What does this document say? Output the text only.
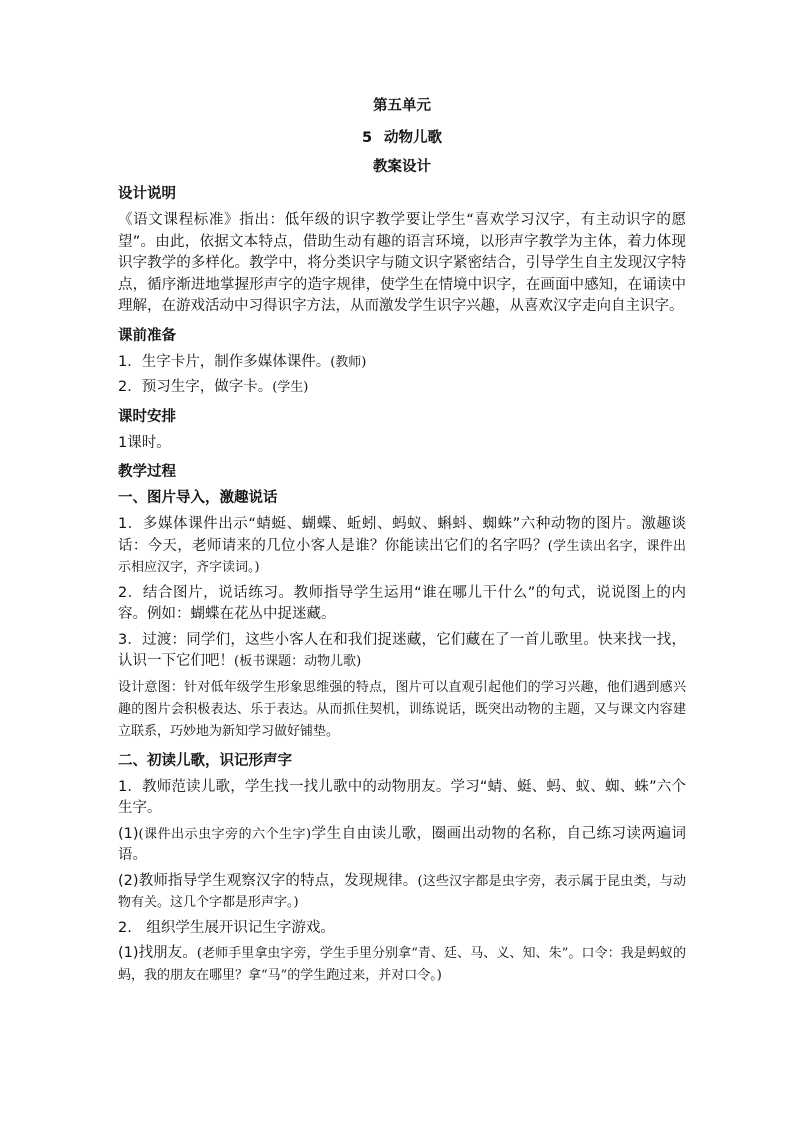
第五单元
5 动物儿歌
教案设计
设计说明
《语文课程标准》指出：低年级的识字教学要让学生“喜欢学习汉字，有主动识字的愿望”。由此，依据文本特点，借助生动有趣的语言环境，以形声字教学为主体，着力体现识字教学的多样化。教学中，将分类识字与随文识字紧密结合，引导学生自主发现汉字特点，循序渐进地掌握形声字的造字规律，使学生在情境中识字，在画面中感知，在诵读中理解，在游戏活动中习得识字方法，从而激发学生识字兴趣，从喜欢汉字走向自主识字。
课前准备
1．生字卡片，制作多媒体课件。(教师)
2．预习生字，做字卡。(学生)
课时安排
1课时。
教学过程
一、图片导入，激趣说话
1．多媒体课件出示“蜻蜓、蝴蝶、蚯蚓、蚂蚁、蝌蚪、蜘蛛”六种动物的图片。激趣谈话：今天，老师请来的几位小客人是谁？你能读出它们的名字吗？(学生读出名字，课件出示相应汉字，齐字读词。)
2．结合图片，说话练习。教师指导学生运用“谁在哪儿干什么”的句式，说说图上的内容。例如：蝴蝶在花丛中捉迷藏。
3．过渡：同学们，这些小客人在和我们捉迷藏，它们藏在了一首儿歌里。快来找一找，认识一下它们吧！(板书课题：动物儿歌)
设计意图：针对低年级学生形象思维强的特点，图片可以直观引起他们的学习兴趣，他们遇到感兴趣的图片会积极表达、乐于表达。从而抓住契机，训练说话，既突出动物的主题，又与课文内容建立联系，巧妙地为新知学习做好铺垫。
二、初读儿歌，识记形声字
1．教师范读儿歌，学生找一找儿歌中的动物朋友。学习“蜻、蜓、蚂、蚁、蜘、蛛”六个生字。
(1)(课件出示虫字旁的六个生字)学生自由读儿歌，圈画出动物的名称，自己练习读两遍词语。
(2)教师指导学生观察汉字的特点，发现规律。(这些汉字都是虫字旁，表示属于昆虫类，与动物有关。这几个字都是形声字。)
2.　组织学生展开识记生字游戏。
(1)找朋友。(老师手里拿虫字旁，学生手里分别拿“青、廷、马、义、知、朱”。口令：我是蚂蚁的蚂，我的朋友在哪里？拿“马”的学生跑过来，并对口令。)
